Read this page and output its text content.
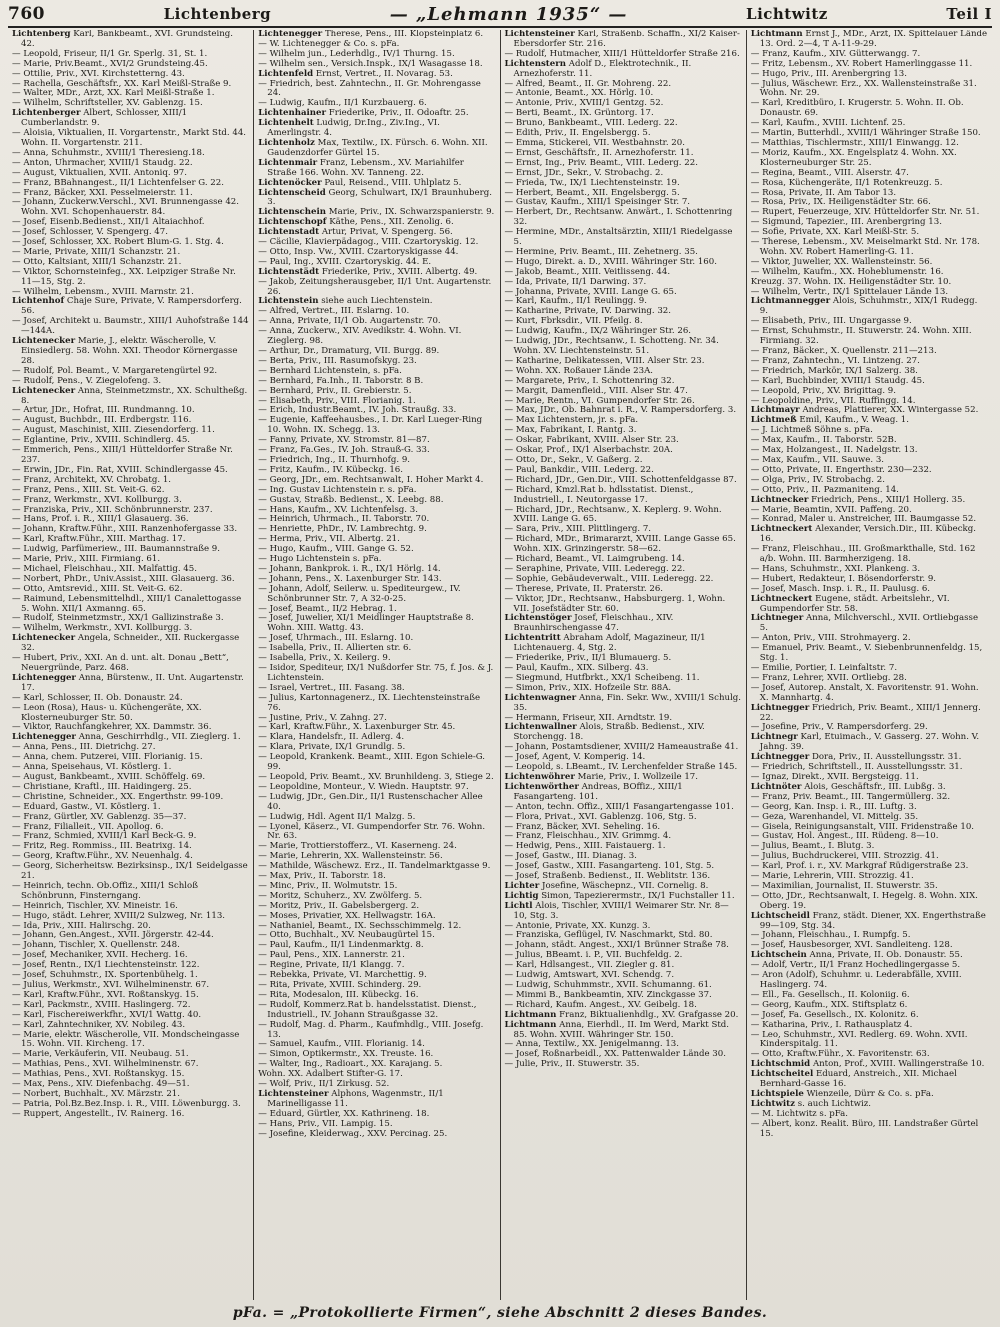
760	Lichtenberg	— „Lehmann 1935“ —	Lichtwitz	Teil I

Lichtenberg Karl, Bankbeamt., XVI. Grundsteing. 42.

— Leopold, Friseur, II/1 Gr. Sperlg. 31, St. 1.

— Marie, Priv.Beamt., XVI/2 Grundsteing.45.

— Ottilie, Priv., XVI. Kirchstetterng. 43.

— Rachella, Geschäftsfr., XX. Karl Meißl-Straße 9.

— Walter, MDr., Arzt, XX. Karl Meißl-Straße 1.

— Wilhelm, Schriftsteller, XV. Gablenzg. 15.

Lichtenberger Albert, Schlosser, XIII/1 Cumberlandstr. 9.

— Aloisia, Viktualien, II. Vorgartenstr., Markt Std. 44. Wohn. II. Vorgartenstr. 211.

— Anna, Schuhmstr., XVIII/1 Theresieng.18.

— Anton, Uhrmacher, XVIII/1 Staudg. 22.

— August, Viktualien, XVII. Antoniq. 97.

— Franz, BBahnangest., II/1 Lichtenfelser G. 22.

— Franz, Bäcker, XXI. Pesselmeierstr. 11.

— Johann, Zuckerw.Verschl., XVI. Brunnengasse 42. Wohn. XVI. Schopenhauerstr. 84.

— Josef, Eisenb.Bedienst., XII/1 Altaiachhof.

— Josef, Schlosser, V. Spengerg. 47.

— Josef, Schlosser, XX. Robert Blum-G. 1. Stg. 4.

— Marie, Private, XIII/1 Schanzstr. 21.

— Otto, Kaltsiant, XIII/1 Schanzstr. 21.

— Viktor, Schornsteinfeg., XX. Leipziger Straße Nr. 11—15, Stg. 2.

— Wilhelm, Lebensm., XVIII. Marnstr. 21.

Lichtenhof Chaje Sure, Private, V. Rampersdorferg. 56.

— Josef, Architekt u. Baumstr., XIII/1 Auhofstraße 144—144A.

Lichtenecker Marie, J., elektr. Wäscherolle, V. Einsiedlerg. 58. Wohn. XXI. Theodor Körnergasse 28.

— Rudolf, Pol. Beamt., V. Margaretengürtel 92.

— Rudolf, Pens., V. Ziegelofeng. 3.

Lichtenecker Anna, Steinmetzmstr., XX. Schultheßg. 8.

— Artur, JDr., Hofrat, III. Rundmanng. 10.

— August, Buchbdr., III. Erdbergstr. 116.

— August, Maschinist, XIII. Ziesendorferg. 11.

— Eglantine, Priv., XVIII. Schindlerg. 45.

— Emmerich, Pens., XIII/1 Hütteldorfer Straße Nr. 237.

— Erwin, JDr., Fin. Rat, XVIII. Schindlergasse 45.

— Franz, Architekt, XV. Chrobatg. 1.

— Franz, Pens., XIII. St. Veit-G. 62.

— Franz, Werkmstr., XVI. Kollburgg. 3.

— Franziska, Priv., XII. Schönbrunnerstr. 237.

— Hans, Prof. i. R., XIII/1 Glasauerg. 36.

— Johann, Kraftw.Führ., XIII. Ranzenhofergasse 33.

— Karl, Kraftw.Führ., XIII. Marthag. 17.

— Ludwig, Parfümeriew., III. Baumannstraße 9.

— Marie, Priv., XIII. Firmiang. 61.

— Michael, Fleischhau., XII. Malfattig. 45.

— Norbert, PhDr., Univ.Assist., XIII. Glasauerg. 36.

— Otto, Amtsrevid., XIII. St. Veit-G. 62.

— Raimund, Lebensmittelhdl., XIII/1 Canalettogasse 5. Wohn. XII/1 Axmanng. 65.

— Rudolf, Steinmetzmstr., XX/1 Gallizinstraße 3.

— Wilhelm, Werkmstr., XVI. Kollburgg. 3.

Lichtenecker Angela, Schneider., XII. Ruckergasse 32.

— Hubert, Priv., XXI. An d. unt. alt. Donau „Bett“, Neuergründe, Parz. 468.

Lichtenegger Anna, Bürstenw., II. Unt. Augartenstr. 17.

— Karl, Schlosser, II. Ob. Donaustr. 24.

— Leon (Rosa), Haus- u. Küchengeräte, XX. Klosterneuburger Str. 50.

— Viktor, Rauchfangkehrer, XX. Dammstr. 36.

Lichtenegger Anna, Geschirrhdlg., VII. Zieglerg. 1.

— Anna, Pens., III. Dietrichg. 27.

— Anna, chem. Putzerei, VIII. Florianig. 15.

— Anna, Speisehaus, VI. Köstlerg. 1.

— August, Bankbeamt., XVIII. Schöffelg. 69.

— Christiane, Kraftl., III. Haidingerg. 25.

— Christine, Schneider., XX. Engerthstr. 99-109.

— Eduard, Gastw., VI. Köstlerg. 1.

— Franz, Gürtler, XV. Gablenzg. 35—37.

— Franz, Filialleit., VII. Apollog. 6.

— Franz, Schmied, XVIII/1 Karl Beck-G. 9.

— Fritz, Reg. Rommiss., III. Beatrixg. 14.

— Georg, Kraftw.Führ., XV. Neuenhalg. 4.

— Georg, Sicherheitsw. Bezirksinsp., IX/1 Seidelgasse 21.

— Heinrich, techn. Ob.Offiz., XIII/1 Schloß Schönbrunn, Finsterngang.

— Heinrich, Tischler, XV. Mineistr. 16.

— Hugo, städt. Lehrer, XVIII/2 Sulzweg, Nr. 113.

— Ida, Priv., XIII. Halirschg. 20.

— Johann, Gen.Angest., XVII. Jörgerstr. 42-44.

— Johann, Tischler, X. Quellenstr. 248.

— Josef, Mechaniker, XVII. Hecherg. 16.

— Josef, Rentn., IX/1 Liechtensteinstr. 122.

— Josef, Schuhmstr., IX. Sportenbühelg. 1.

— Julius, Werkmstr., XVI. Wilhelminenstr. 67.

— Karl, Kraftw.Führ., XVI. Roßtanskyg. 15.

— Karl, Packmstr., XVIII. Haslingerg. 72.

— Karl, Fischereiwerkfhr., XVI/1 Wattg. 40.

— Karl, Zahntechniker, XV. Nobileg. 43.

— Marie, elektr. Wäscherolle, VII. Mondscheingasse 15. Wohn. VII. Kircheng. 17.

— Marie, Verkäuferin, VII. Neubaug. 51.

— Mathias, Pens., XVI. Wilhelminenstr. 67.

— Mathias, Pens., XVI. Roßtanskyg. 15.

— Max, Pens., XIV. Diefenbachg. 49—51.

— Norbert, Buchhalt., XV. Märzstr. 21.

— Patria, Pol.Bz.Bez.Insp. i. R., VIII. Löwenburgg. 3.

— Ruppert, Angestellt., IV. Rainerg. 16.

Lichtenegger Therese, Pens., III. Klopsteinplatz 6.

— W. Lichtenegger & Co. s. pFa.

— Wilhelm jun., Lederhdlg., IV/1 Thurng. 15.

— Wilhelm sen., Versich.Inspk., IX/1 Wasagasse 18.

Lichtenfeld Ernst, Vertret., II. Novarag. 53.

— Friedrich, best. Zahntechn., II. Gr. Mohrengasse 24.

— Ludwig, Kaufm., II/1 Kurzbauerg. 6.

Lichtenhainer Friederike, Priv., II. Odoaftr. 25.

Lichtenhelt Ludwig, Dr.Ing., Ziv.Ing., VI. Amerlingstr. 4.

Lichtenholz Max, Textilw., IX. Fürsch. 6. Wohn. XII. Gaudenzdorfer Gürtel 15.

Lichtenmair Franz, Lebensm., XV. Mariahilfer Straße 166. Wohn. XV. Tanneng. 22.

Lichtenöcker Paul, Reisend., VIII. Uhlplatz 5.

Lichtenscheid Georg, Schulwart, IX/1 Braunhuberg. 3.

Lichtenschein Marie, Priv., IX. Schwarzspanierstr. 9.

Lichtenschopf Käthe, Pens., XII. Zenolig. 6.

Lichtenstadt Artur, Privat, V. Spengerg. 56.

— Cäcilie, Klavierpädagog., VIII. Czartoryskig. 12.

— Otto, Insp. Vw., XVIII. Czartoryskigasse 44.

— Paul, Ing., XVIII. Czartoryskig. 44. E.

Lichtenstädt Friederike, Priv., XVIII. Albertg. 49.

— Jakob, Zeitungsherausgeber, II/1 Unt. Augartenstr. 26.

Lichtenstein siehe auch Liechtenstein.

— Alfred, Vertret., III. Eslarng. 10.

— Anna, Private, II/1 Ob. Augartenstr. 70.

— Anna, Zuckerw., XIV. Avedikstr. 4. Wohn. VI. Zieglerg. 98.

— Arthur, Dr., Dramaturg, VII. Burgg. 89.

— Berta, Priv., III. Rasumofskyg. 23.

— Bernhard Lichtenstein, s. pFa.

— Bernhard, Fa.Inh., II. Taborstr. 8 B.

— Bernhard, Priv., II. Grebierstr. 5.

— Elisabeth, Priv., VIII. Florianig. 1.

— Erich, Industr.Beamt., IV. Joh. Straußg. 33.

— Eugenie, Kaffeehausbes., I. Dr. Karl Lueger-Ring 10. Wohn. IX. Schegg. 13.

— Fanny, Private, XV. Stromstr. 81—87.

— Franz, Fa.Ges., IV. Joh. Strauß-G. 33.

— Friedrich, Ing., II. Thurnhofg. 9.

— Fritz, Kaufm., IV. Kübeckg. 16.

— Georg, JDr., em. Rechtsanwalt, I. Hoher Markt 4.

— Ing. Gustav Lichtenstein r. s. pFa.

— Gustav, Straßb. Bedienst., X. Leebg. 88.

— Hans, Kaufm., XV. Lichtenfelsg. 3.

— Heinrich, Uhrmach., II. Taborstr. 70.

— Henriette, PhDr., IV. Lambrechtg. 9.

— Herma, Priv., VII. Albertg. 21.

— Hugo, Kaufm., VIII. Gange G. 52.

— Hugo Lichtenstein s. pFa.

— Johann, Bankprok. i. R., IX/1 Hörlg. 14.

— Johann, Pens., X. Laxenburger Str. 143.

— Johann, Adolf, Seilerw. u. Spediteurgew., IV. Schönbrunner Str. 7, A 32-0-25.

— Josef, Beamt., II/2 Hebrag. 1.

— Josef, Juwelier, XI/1 Meidlinger Hauptstraße 8. Wohn. XIII. Wattg. 43.

— Josef, Uhrmach., III. Eslarng. 10.

— Isabella, Priv., II. Allierten str. 6.

— Isabella, Priv., X. Keilerg. 9.

— Isidor, Spediteur, IX/1 Nußdorfer Str. 75, f. Jos. & J. Lichtenstein.

— Israel, Vertret., III. Fasang. 38.

— Julius, Kartonnagenerz., IX. Liechtensteinstraße 76.

— Justine, Priv., V. Zahng. 27.

— Karl, Kraftw.Führ., X. Laxenburger Str. 45.

— Klara, Handelsfr., II. Adlerg. 4.

— Klara, Private, IX/1 Grundlg. 5.

— Leopold, Krankenk. Beamt., XIII. Egon Schiele-G. 99.

— Leopold, Priv. Beamt., XV. Brunhildeng. 3, Stiege 2.

— Leopoldine, Monteur., V. Wiedn. Hauptstr. 97.

— Ludwig, JDr., Gen.Dir., II/1 Rustenschacher Allee 40.

— Ludwig, Hdl. Agent II/1 Malzg. 5.

— Lyonel, Käserz., VI. Gumpendorfer Str. 76. Wohn. Nr. 63.

— Marie, Trottierstofferz., VI. Kaserneng. 24.

— Marie, Lehrerin, XX. Wallensteinstr. 56.

— Mathilde, Wäschewz. Erz., II. Tandelmarktgasse 9.

— Max, Priv., II. Taborstr. 18.

— Minc, Priv., II. Wolmutstr. 15.

— Moritz, Schuherz., XV. Zwölferg. 5.

— Moritz, Priv., II. Gabelsbergerg. 2.

— Moses, Privatier, XX. Hellwagstr. 16A.

— Nathaniel, Beamt., IX. Sechsschimmelg. 12.

— Otto, Buchhalt., XV. Neubaugürtel 15.

— Paul, Kaufm., II/1 Lindenmarktg. 8.

— Paul, Pens., XIX. Lannerstr. 21.

— Regine, Private, II/1 Klangg. 7.

— Rebekka, Private, VI. Marchettig. 9.

— Rita, Private, XVIII. Schinderg. 29.

— Rita, Modesalon, III. Kübeckg. 16.

— Rudolf, Kommerz.Rat b. handelsstatist. Dienst., Industriell., IV. Johann Straußgasse 32.

— Rudolf, Mag. d. Pharm., Kaufmhdlg., VIII. Josefg. 13.

— Samuel, Kaufm., VIII. Florianig. 14.

— Simon, Optikermstr., XX. Treuste. 16.

— Walter, Ing., Radioart., XX. Karajang. 5.

Wohn. XX. Adalbert Stifter-G. 17.

— Wolf, Priv., II/1 Zirkusg. 52.

Lichtensteiner Alphons, Wagenmstr., II/1 Marinelligasse 11.

— Eduard, Gürtler, XX. Kathrineng. 18.

— Hans, Priv., VII. Lampig. 15.

— Josefine, Kleiderwag., XXV. Percinag. 25.

Lichtensteiner Karl, Straßenb. Schaffn., XI/2 Kaiser-Ebersdorfer Str. 216.

— Rudolf, Hutmacher, XIII/1 Hütteldorfer Straße 216.

Lichtenstern Adolf D., Elektrotechnik., II. Arnezhoferstr. 11.

— Alfred, Beamt., II. Gr. Mohreng. 22.

— Antonie, Beamt., XX. Hörlg. 10.

— Antonie, Priv., XVIII/1 Gentzg. 52.

— Berti, Beamt., IX. Grüntorg. 17.

— Bruno, Bankbeamt., VIII. Lederg. 22.

— Edith, Priv., II. Engelsbergg. 5.

— Emma, Stickerei, VII. Westbahnstr. 20.

— Ernst, Geschäftsfr., II. Arnezhoferstr. 11.

— Ernst, Ing., Priv. Beamt., VIII. Lederg. 22.

— Ernst, JDr., Sekr., V. Strobachg. 2.

— Frieda, Tw., IX/1 Liechtensteinstr. 19.

— Herbert, Beamt., XII. Engelsbergg. 5.

— Gustav, Kaufm., XIII/1 Speisinger Str. 7.

— Herbert, Dr., Rechtsanw. Anwärt., I. Schottenring 32.

— Hermine, MDr., Anstaltsärztin, XIII/1 Riedelgasse 5.

— Hermine, Priv. Beamt., III. Zehetnerg. 35.

— Hugo, Direkt. a. D., XVIII. Währinger Str. 160.

— Jakob, Beamt., XIII. Veitlisseng. 44.

— Ida, Private, II/1 Darwing. 37.

— Johanna, Private, XVIII. Lange G. 65.

— Karl, Kaufm., II/1 Reulingg. 9.

— Katharine, Private, IV. Darwing. 32.

— Kurt, Fbrksdir., VII. Pfeilg. 8.

— Ludwig, Kaufm., IX/2 Währinger Str. 26.

— Ludwig, JDr., Rechtsanw., I. Schotteng. Nr. 34. Wohn. XV. Liechtensteinstr. 51.

— Katharine, Delikatessen, VIII. Alser Str. 23.

— Wohn. XX. Roßauer Lände 23A.

— Margarete, Priv., I. Schottenring 32.

— Margit, Damenfleid., VIII. Alser Str. 47.

— Marie, Rentn., VI. Gumpendorfer Str. 26.

— Max, JDr., Ob. Bahnrat i. R., V. Rampersdorferg. 3.

— Max Lichtenstern, jr. s. pFa.

— Max, Fabrikant, I. Rantg. 3.

— Oskar, Fabrikant, XVIII. Alser Str. 23.

— Oskar, Prof., IX/1 Alserbachstr. 20A.

— Otto, Dr., Sekr., V. Gaßerg. 2.

— Paul, Bankdir., VIII. Lederg. 22.

— Richard, JDr., Gen.Dir., VIII. Schottenfeldgasse 87.

— Richard, Kmzl.Rat b. hdlsstatist. Dienst., Industriell., I. Neutorgasse 17.

— Richard, JDr., Rechtsanw., X. Keplerg. 9. Wohn. XVIII. Lange G. 65.

— Sara, Priv., XIII. Plittlingerg. 7.

— Richard, MDr., Brimararzt, XVIII. Lange Gasse 65. Wohn. XIX. Grinzingerstr. 58—62.

— Richard, Beamt., VI. Laimgrubeng. 14.

— Seraphine, Private, VIII. Lederegg. 22.

— Sophie, Gebäudeverwalt., VIII. Lederegg. 22.

— Therese, Private, II. Praterstr. 26.

— Viktor, JDr., Rechtsanw., Habsburgerg. 1, Wohn. VII. Josefstädter Str. 60.

Lichtenstöger Josef, Fleischhau., XIV. Braunhirschengasse 47.

Lichtentritt Abraham Adolf, Magazineur, II/1 Lichtenauerg. 4, Stg. 2.

— Friederike, Priv., II/1 Blumauerg. 5.

— Paul, Kaufm., XIX. Silberg. 43.

— Siegmund, Hutfbrkt., XX/1 Scheibeng. 11.

— Simon, Priv., XIX. Hofzeile Str. 88A.

Lichtenwagner Anna, Fin. Sekr. Ww., XVIII/1 Schulg. 35.

— Hermann, Friseur, XII. Arndtstr. 19.

Lichtenwallner Alois, Straßb. Bedienst., XIV. Storchengg. 18.

— Johann, Postamtsdiener, XVIII/2 Hameaustraße 41.

— Josef, Agent, V. Komperig. 14.

— Leopold, s. LBeamt., IV. Lerchenfelder Straße 145.

Lichtenwöhrer Marie, Priv., I. Wollzeile 17.

Lichtenwörther Andreas, BOffiz., XIII/1 Fasangarteng. 101.

— Anton, techn. Offiz., XIII/1 Fasangartengasse 101.

— Flora, Privat., XVI. Gablenzg. 106, Stg. 5.

— Franz, Bäcker, XVI. Seheling. 16.

— Franz, Fleischhau., XIV. Grimmg. 4.

— Hedwig, Pens., XIII. Faistauerg. 1.

— Josef, Gastw., III. Dianag. 3.

— Josef, Gastw., XIII. Fasangarteng. 101, Stg. 5.

— Josef, Straßenb. Bedienst., II. Weblitstr. 136.

Lichter Josefine, Wäschepnz., VII. Cornelig. 8.

Lichtig Simon, Tapezierermstr., IX/1 Fuchstaller 11.

Lichtl Alois, Tischler, XVIII/1 Weimarer Str. Nr. 8—10, Stg. 3.

— Antonie, Private, XX. Kunzg. 3.

— Franziska, Geflügel, IV. Naschmarkt, Std. 80.

— Johann, städt. Angest., XXI/1 Brünner Straße 78.

— Julius, BBeamt. i. P., VII. Buchfeldg. 2.

— Karl, Hdlsangest., VII. Ziegler g. 81.

— Ludwig, Amtswart, XVI. Schendg. 7.

— Ludwig, Schuhmmstr., XVII. Schumanng. 61.

— Mimmi B., Bankbeamtin, XIV. Zinckgasse 37.

— Richard, Kaufm. Angest., XV. Geibelg. 18.

Lichtmann Franz, Biktualienhdlg., XV. Grafgasse 20.

Lichtmann Anna, Eierhdl., II. Im Werd, Markt Std. 85. Wohn. XVIII. Währinger Str. 150.

— Anna, Textilw., XX. Jenigelmanng. 13.

— Josef, Roßnarbeidl., XX. Pattenwalder Lände 30.

— Julie, Priv., II. Stuwerstr. 35.

Lichtmann Ernst J., MDr., Arzt, IX. Spittelauer Lände 13. Ord. 2—4, T A-11-9-29.

— Franz, Kaufm., XIV. Gütterwangg. 7.

— Fritz, Lebensm., XV. Robert Hamerlinggasse 11.

— Hugo, Priv., III. Arenbergring 13.

— Julius, Wäschewr. Erz., XX. Wallensteinstraße 31. Wohn. Nr. 29.

— Karl, Kreditbüro, I. Krugerstr. 5. Wohn. II. Ob. Donaustr. 69.

— Karl, Kaufm., XVIII. Lichtenf. 25.

— Martin, Butterhdl., XVIII/1 Währinger Straße 150.

— Matthias, Tischlermstr., XIII/1 Einwangg. 12.

— Moriz, Kaufm., XX. Engelsplatz 4. Wohn. XX. Klosterneuburger Str. 25.

— Regina, Beamt., VIII. Alserstr. 47.

— Rosa, Küchengeräte, II/1 Rotenkreuzg. 5.

— Rosa, Private, II. Am Tabor 13.

— Rosa, Priv., IX. Heiligenstädter Str. 66.

— Rupert, Feuerzeuge, XIV. Hütteldorfer Str. Nr. 51.

— Sigmund, Tapezier., III. Arenbergring 13.

— Sofie, Private, XX. Karl Meißl-Str. 5.

— Therese, Lebensm., XV. Meiselmarkt Std. Nr. 178. Wohn. XV. Robert Hamerling-G. 11.

— Viktor, Juwelier, XX. Wallensteinstr. 56.

— Wilhelm, Kaufm., XX. Hoheblumenstr. 16.

Kreuzg. 37. Wohn. IX. Heiligenstädter Str. 10.

— Wilhelm, Vertr., IX/1 Spittelauer Lände 13.

Lichtmannegger Alois, Schuhmstr., XIX/1 Rudegg. 9.

— Elisabeth, Priv., III. Ungargasse 9.

— Ernst, Schuhmstr., II. Stuwerstr. 24. Wohn. XIII. Firmiang. 32.

— Franz, Bäcker., X. Quellenstr. 211—213.

— Franz, Zahntechn., VI. Lintzeng. 27.

— Friedrich, Markör, IX/1 Salzerg. 38.

— Karl, Buchbinder, XVIII/1 Staudg. 45.

— Leopold, Priv., XV. Brigittag. 9.

— Leopoldine, Priv., VII. Ruffingg. 14.

Lichtmayr Andreas, Plattierer, XX. Wintergasse 52.

Lichtmeß Emil, Kaufm., V. Weag. 1.

— J. Lichtmeß Söhne s. pFa.

— Max, Kaufm., II. Taborstr. 52B.

— Max, Holzangest., II. Nadelgstr. 13.

— Max, Kaufm., VII. Sauwe. 3.

— Otto, Private, II. Engerthstr. 230—232.

— Olga, Priv., IV. Strobachg. 2.

— Otto, Priv., II. Pazmaniteng. 14.

Lichtnecker Friedrich, Pens., XIII/1 Hollerg. 35.

— Marie, Beamtin, XVII. Paffeng. 20.

— Konrad, Maler u. Anstreicher, III. Baumgasse 52.

Lichtneckert Alexander, Versich.Dir., III. Kübeckg. 16.

— Franz, Fleischhau., III. Großmarkthalle, Std. 162 a/b. Wohn. III. Barmherzigeng. 18.

— Hans, Schuhmstr., XXI. Plankeng. 3.

— Hubert, Redakteur, I. Bösendorferstr. 9.

— Josef, Masch. Insp. i. R., II. Paulusg. 6.

Lichtneckert Eugene, städt. Arbeitslehr., VI. Gumpendorfer Str. 58.

Lichtneger Anna, Milchverschl., XVII. Ortliebgasse 5.

— Anton, Priv., VIII. Strohmayerg. 2.

— Emanuel, Priv. Beamt., V. Siebenbrunnenfeldg. 15, Stg. 1.

— Emilie, Portier, I. Leinfaltstr. 7.

— Franz, Lehrer, XVII. Ortliebg. 28.

— Josef, Autorep. Anstalt, X. Favoritenstr. 91. Wohn. X. Mannhartg. 4.

Lichtnegger Friedrich, Priv. Beamt., XIII/1 Jennerg. 22.

— Josefine, Priv., V. Rampersdorferg. 29.

Lichtnegr Karl, Etuimach., V. Gasserg. 27. Wohn. V. Jahng. 39.

Lichtnegger Dora, Priv., II. Ausstellungsstr. 31.

— Friedrich, Schriftstell., II. Ausstellungsstr. 31.

— Ignaz, Direkt., XVII. Bergsteigg. 11.

Lichtnöter Alois, Geschäftsfr., III. Lubßg. 3.

— Franz, Priv. Beamt., III. Tangermüllerg. 32.

— Georg, Kan. Insp. i. R., III. Luftg. 3.

— Geza, Warenhandel, VI. Mittelg. 35.

— Gisela, Reinigungsanstalt, VIII. Fridenstraße 10.

— Gustav, Hol. Angest., III. Rüdeng. 8—10.

— Julius, Beamt., I. Blutg. 3.

— Julius, Buchdruckerei, VIII. Strozzig. 41.

— Karl, Prof. i. r., XV. Markgraf Rüdigerstraße 23.

— Marie, Lehrerin, VIII. Strozzig. 41.

— Maximilian, Journalist, II. Stuwerstr. 35.

— Otto, JDr., Rechtsanwalt, I. Hegelg. 8. Wohn. XIX. Oberg. 19.

Lichtscheidl Franz, städt. Diener, XX. Engerthstraße 99—109, Stg. 34.

— Johann, Fleischhau., I. Rumpfg. 5.

— Josef, Hausbesorger, XVI. Sandleiteng. 128.

Lichtschein Anna, Private, II. Ob. Donaustr. 55.

— Adolf, Vertr., II/1 Franz Hochedlingergasse 5.

— Aron (Adolf), Schuhmr. u. Lederabfälle, XVIII. Haslingerg. 74.

— Ell., Fa. Gesellsch., II. Koloniig. 6.

— Georg, Kaufm., XIX. Stiftsplatz 6.

— Josef, Fa. Gesellsch., IX. Kolonitz. 6.

— Katharina, Priv., I. Rathausplatz 4.

— Leo, Schuhmstr., XVI. Redlerg. 69. Wohn. XVII. Kinderspitalg. 11.

— Otto, Kraftw.Führ., X. Favoritenstr. 63.

Lichtschmid Anton, Prof., XVIII. Wallingerstraße 10.

Lichtscheitel Eduard, Anstreich., XII. Michael Bernhard-Gasse 16.

Lichtspiele Wienzeile, Dürr & Co. s. pFa.

Lichtwitz s. auch Lichtwiz.

— M. Lichtwitz s. pFa.

— Albert, konz. Realit. Büro, III. Landstraßer Gürtel 15.

pFa. = „Protokollierte Firmen“, siehe Abschnitt 2 dieses Bandes.
